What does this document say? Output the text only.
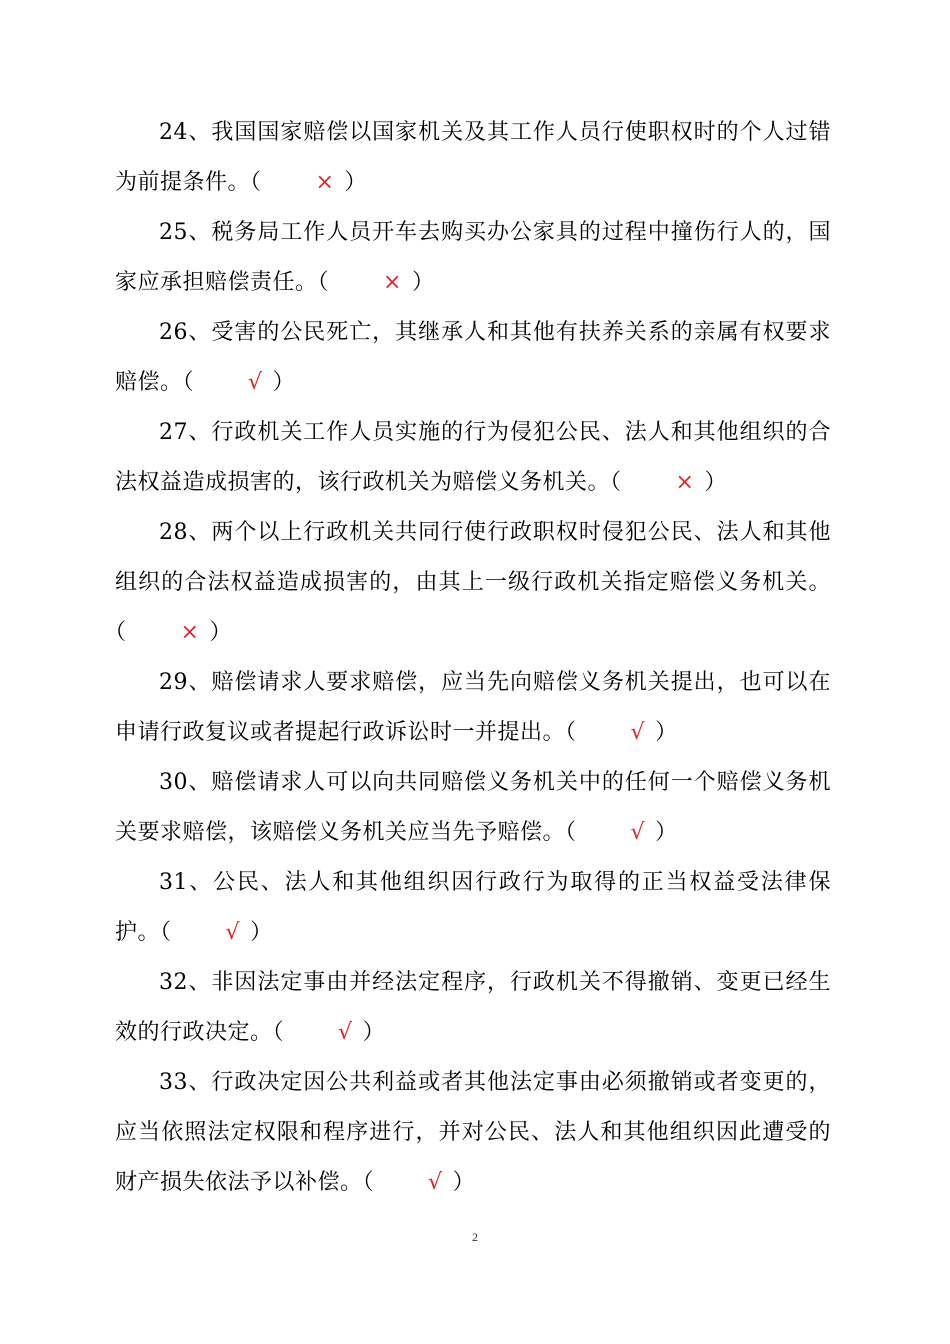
24、我国国家赔偿以国家机关及其工作人员行使职权时的个人过错为前提条件。（ × ）

25、税务局工作人员开车去购买办公家具的过程中撞伤行人的，国家应承担赔偿责任。（ × ）

26、受害的公民死亡，其继承人和其他有扶养关系的亲属有权要求赔偿。（ √ ）

27、行政机关工作人员实施的行为侵犯公民、法人和其他组织的合法权益造成损害的，该行政机关为赔偿义务机关。（ × ）

28、两个以上行政机关共同行使行政职权时侵犯公民、法人和其他组织的合法权益造成损害的，由其上一级行政机关指定赔偿义务机关。（ × ）

29、赔偿请求人要求赔偿，应当先向赔偿义务机关提出，也可以在申请行政复议或者提起行政诉讼时一并提出。（ √ ）

30、赔偿请求人可以向共同赔偿义务机关中的任何一个赔偿义务机关要求赔偿，该赔偿义务机关应当先予赔偿。（ √ ）

31、公民、法人和其他组织因行政行为取得的正当权益受法律保护。（ √ ）

32、非因法定事由并经法定程序，行政机关不得撤销、变更已经生效的行政决定。（ √ ）

33、行政决定因公共利益或者其他法定事由必须撤销或者变更的，应当依照法定权限和程序进行，并对公民、法人和其他组织因此遭受的财产损失依法予以补偿。（ √ ）

2
